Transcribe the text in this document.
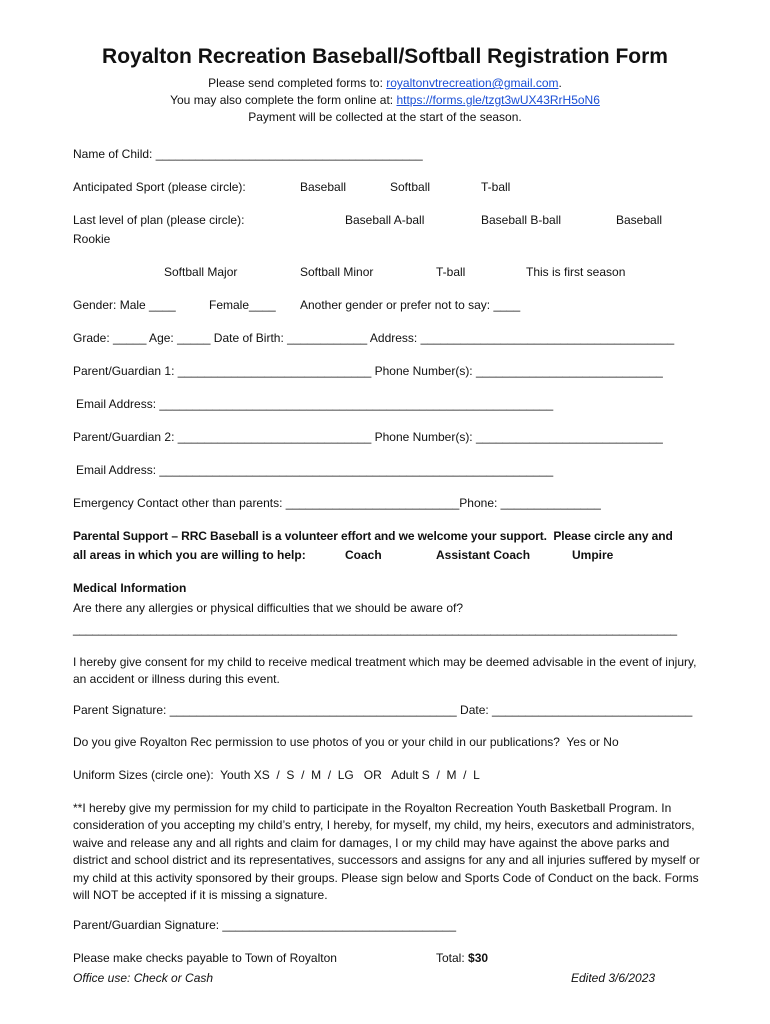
Royalton Recreation Baseball/Softball Registration Form
Please send completed forms to: royaltonvtrecreation@gmail.com.
You may also complete the form online at: https://forms.gle/tzgt3wUX43RrH5oN6
Payment will be collected at the start of the season.
Name of Child: ________________________________________
Anticipated Sport (please circle):	Baseball	Softball	T-ball
Last level of plan (please circle):	Baseball A-ball	Baseball B-ball	Baseball
Rookie
Softball Major	Softball Minor	T-ball	This is first season
Gender: Male ____	Female____ Another gender or prefer not to say: ____
Grade: _____ Age: _____ Date of Birth: ____________ Address: ______________________________________
Parent/Guardian 1: _____________________________ Phone Number(s): ____________________________
Email Address: ___________________________________________________________
Parent/Guardian 2: _____________________________ Phone Number(s): ____________________________
Email Address: ___________________________________________________________
Emergency Contact other than parents: __________________________Phone: _______________
Parental Support – RRC Baseball is a volunteer effort and we welcome your support.  Please circle any and
all areas in which you are willing to help:	Coach	Assistant Coach	Umpire
Medical Information
Are there any allergies or physical difficulties that we should be aware of?
______________________________________________________________________________________________
I hereby give consent for my child to receive medical treatment which may be deemed advisable in the event of injury, an accident or illness during this event.
Parent Signature: ___________________________________________ Date: ______________________________
Do you give Royalton Rec permission to use photos of you or your child in our publications?  Yes or No
Uniform Sizes (circle one):  Youth XS  /  S  /  M  /  LG   OR   Adult S  /  M  /  L
**I hereby give my permission for my child to participate in the Royalton Recreation Youth Basketball Program. In consideration of you accepting my child’s entry, I hereby, for myself, my child, my heirs, executors and administrators, waive and release any and all rights and claim for damages, I or my child may have against the above parks and district and school district and its representatives, successors and assigns for any and all injuries suffered by myself or my child at this activity sponsored by their groups. Please sign below and Sports Code of Conduct on the back. Forms will NOT be accepted if it is missing a signature.
Parent/Guardian Signature: ___________________________________
Please make checks payable to Town of Royalton	Total: $30
Office use: Check or Cash	Edited 3/6/2023
